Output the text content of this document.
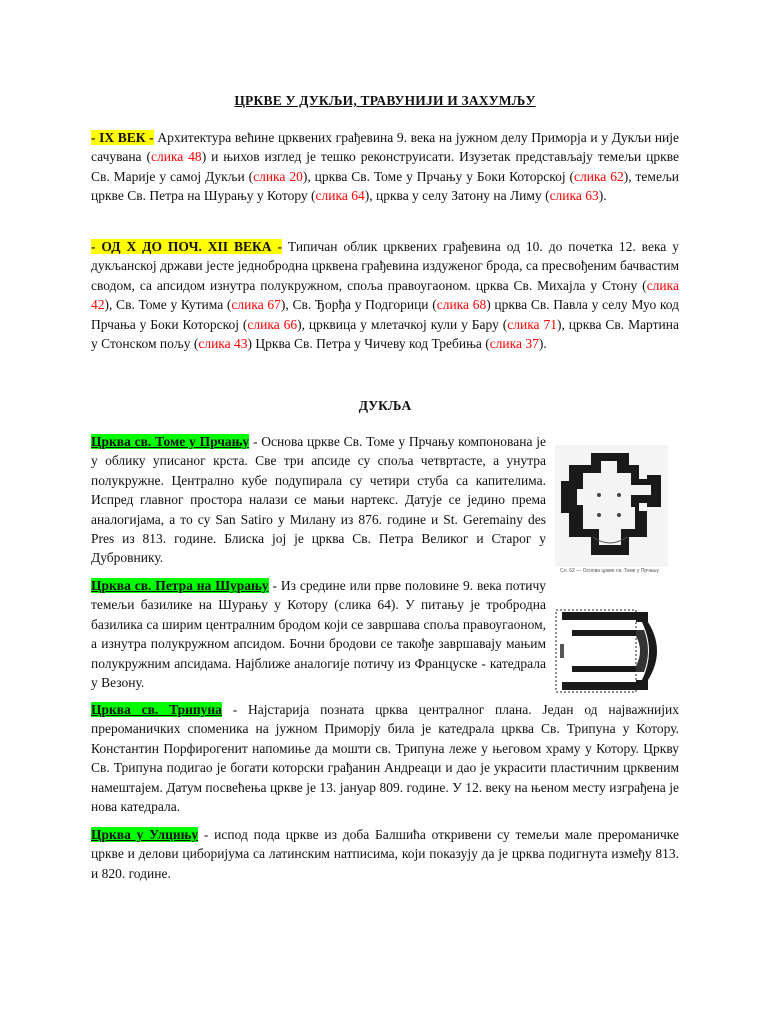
ЦРКВЕ У ДУКЉИ, ТРАВУНИЈИ И ЗАХУМЉУ

- IX ВЕК - Архитектура већине црквених грађевина 9. века на јужном делу Приморја и у Дукљи није сачувана (слика 48) и њихов изглед је тешко реконструисати. Изузетак представљају темељи цркве Св. Марије у самој Дукљи (слика 20), црква Св. Томе у Прчању у Боки Которској (слика 62), темељи цркве Св. Петра на Шурању у Котору (слика 64), црква у селу Затону на Лиму (слика 63).

- ОД X ДО ПОЧ. XII ВЕКА - Типичан облик црквених грађевина од 10. до почетка 12. века у дукљанској држави јесте једнобродна црквена грађевина издуженог брода, са пресвођеним бачвастим сводом, са апсидом изнутра полукружном, споља правоугаоном. црква Св. Михајла у Стону (слика 42), Св. Томе у Кутима (слика 67), Св. Ђорђа у Подгорици (слика 68) црква Св. Павла у селу Муо код Прчања у Боки Которској (слика 66), црквица у млетачкој кули у Бару (слика 71), црква Св. Мартина у Стонском пољу (слика 43) Црква Св. Петра у Чичеву код Требиња (слика 37).

ДУКЉА

Црква св. Томе у Прчању - Основа цркве Св. Томе у Прчању компонована је у облику уписаног крста. Све три апсиде су споља четвртасте, а унутра полукружне. Централно кубе подупирала су четири стуба са капителима. Испред главног простора налази се мањи нартекс. Датује се једино према аналогијама, а то су San Satiro у Милану из 876. године и St. Geremainy des Pres из 813. године. Блиска јој је црква Св. Петра Великог и Старог у Дубровнику.

Црква св. Петра на Шурању - Из средине или прве половине 9. века потичу темељи базилике на Шурању у Котору (слика 64). У питању је тробродна базилика са ширим централним бродом који се завршава споља правоугаоном, а изнутра полукружном апсидом. Бочни бродови се такође завршавају мањим полукружним апсидама. Најближе аналогије потичу из Француске - катедрала у Везону.

Црква св. Трипуна - Најстарија позната црква централног плана. Један од најважнијих преромaничких споменика на јужном Приморју била је катедрала црква Св. Трипуна у Котору. Константин Порфирогенит напомиње да мошти св. Трипуна леже у његовом храму у Котору. Цркву Св. Трипуна подигао је богати которски грађанин Андреаци и дао је украсити пластичним црквеним намештајем. Датум посвећења цркве је 13. јануар 809. године. У 12. веку на њеном месту изграђена је нова катедрала.

Црква у Улцињу - испод пода цркве из доба Балшића откривени су темељи мале преромaничке цркве и делови циборијума са латинским натписима, који показују да је црква подигнута између 813. и 820. године.

Сл. 62 — Основа цркве св. Томе у Прчању
